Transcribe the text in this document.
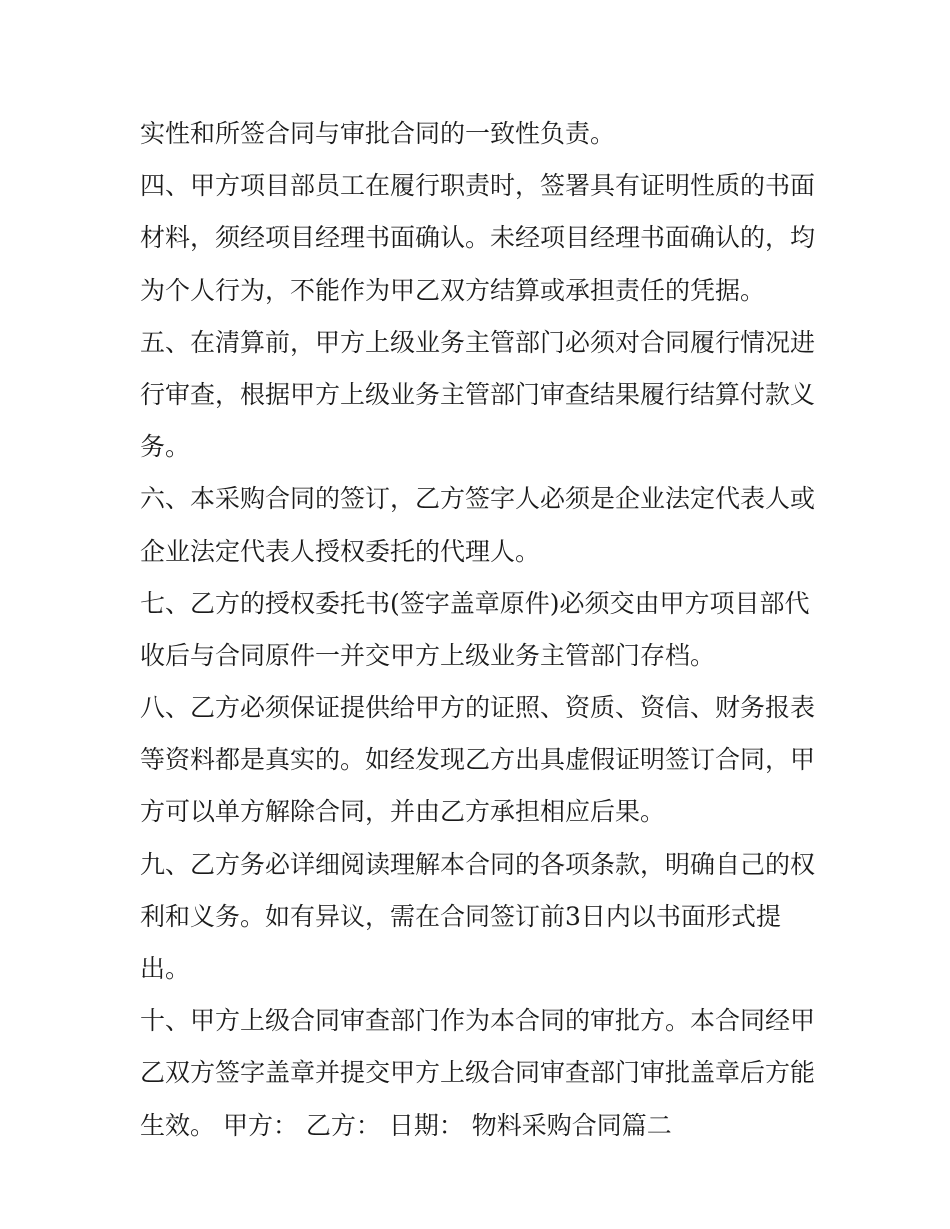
实性和所签合同与审批合同的一致性负责。
四、甲方项目部员工在履行职责时，签署具有证明性质的书面
材料，须经项目经理书面确认。未经项目经理书面确认的，均
为个人行为，不能作为甲乙双方结算或承担责任的凭据。
五、在清算前，甲方上级业务主管部门必须对合同履行情况进
行审查，根据甲方上级业务主管部门审查结果履行结算付款义
务。
六、本采购合同的签订，乙方签字人必须是企业法定代表人或
企业法定代表人授权委托的代理人。
七、乙方的授权委托书(签字盖章原件)必须交由甲方项目部代
收后与合同原件一并交甲方上级业务主管部门存档。
八、乙方必须保证提供给甲方的证照、资质、资信、财务报表
等资料都是真实的。如经发现乙方出具虚假证明签订合同，甲
方可以单方解除合同，并由乙方承担相应后果。
九、乙方务必详细阅读理解本合同的各项条款，明确自己的权
利和义务。如有异议，需在合同签订前3日内以书面形式提
出。
十、甲方上级合同审查部门作为本合同的审批方。本合同经甲
乙双方签字盖章并提交甲方上级合同审查部门审批盖章后方能
生效。 甲方： 乙方： 日期： 物料采购合同篇二
